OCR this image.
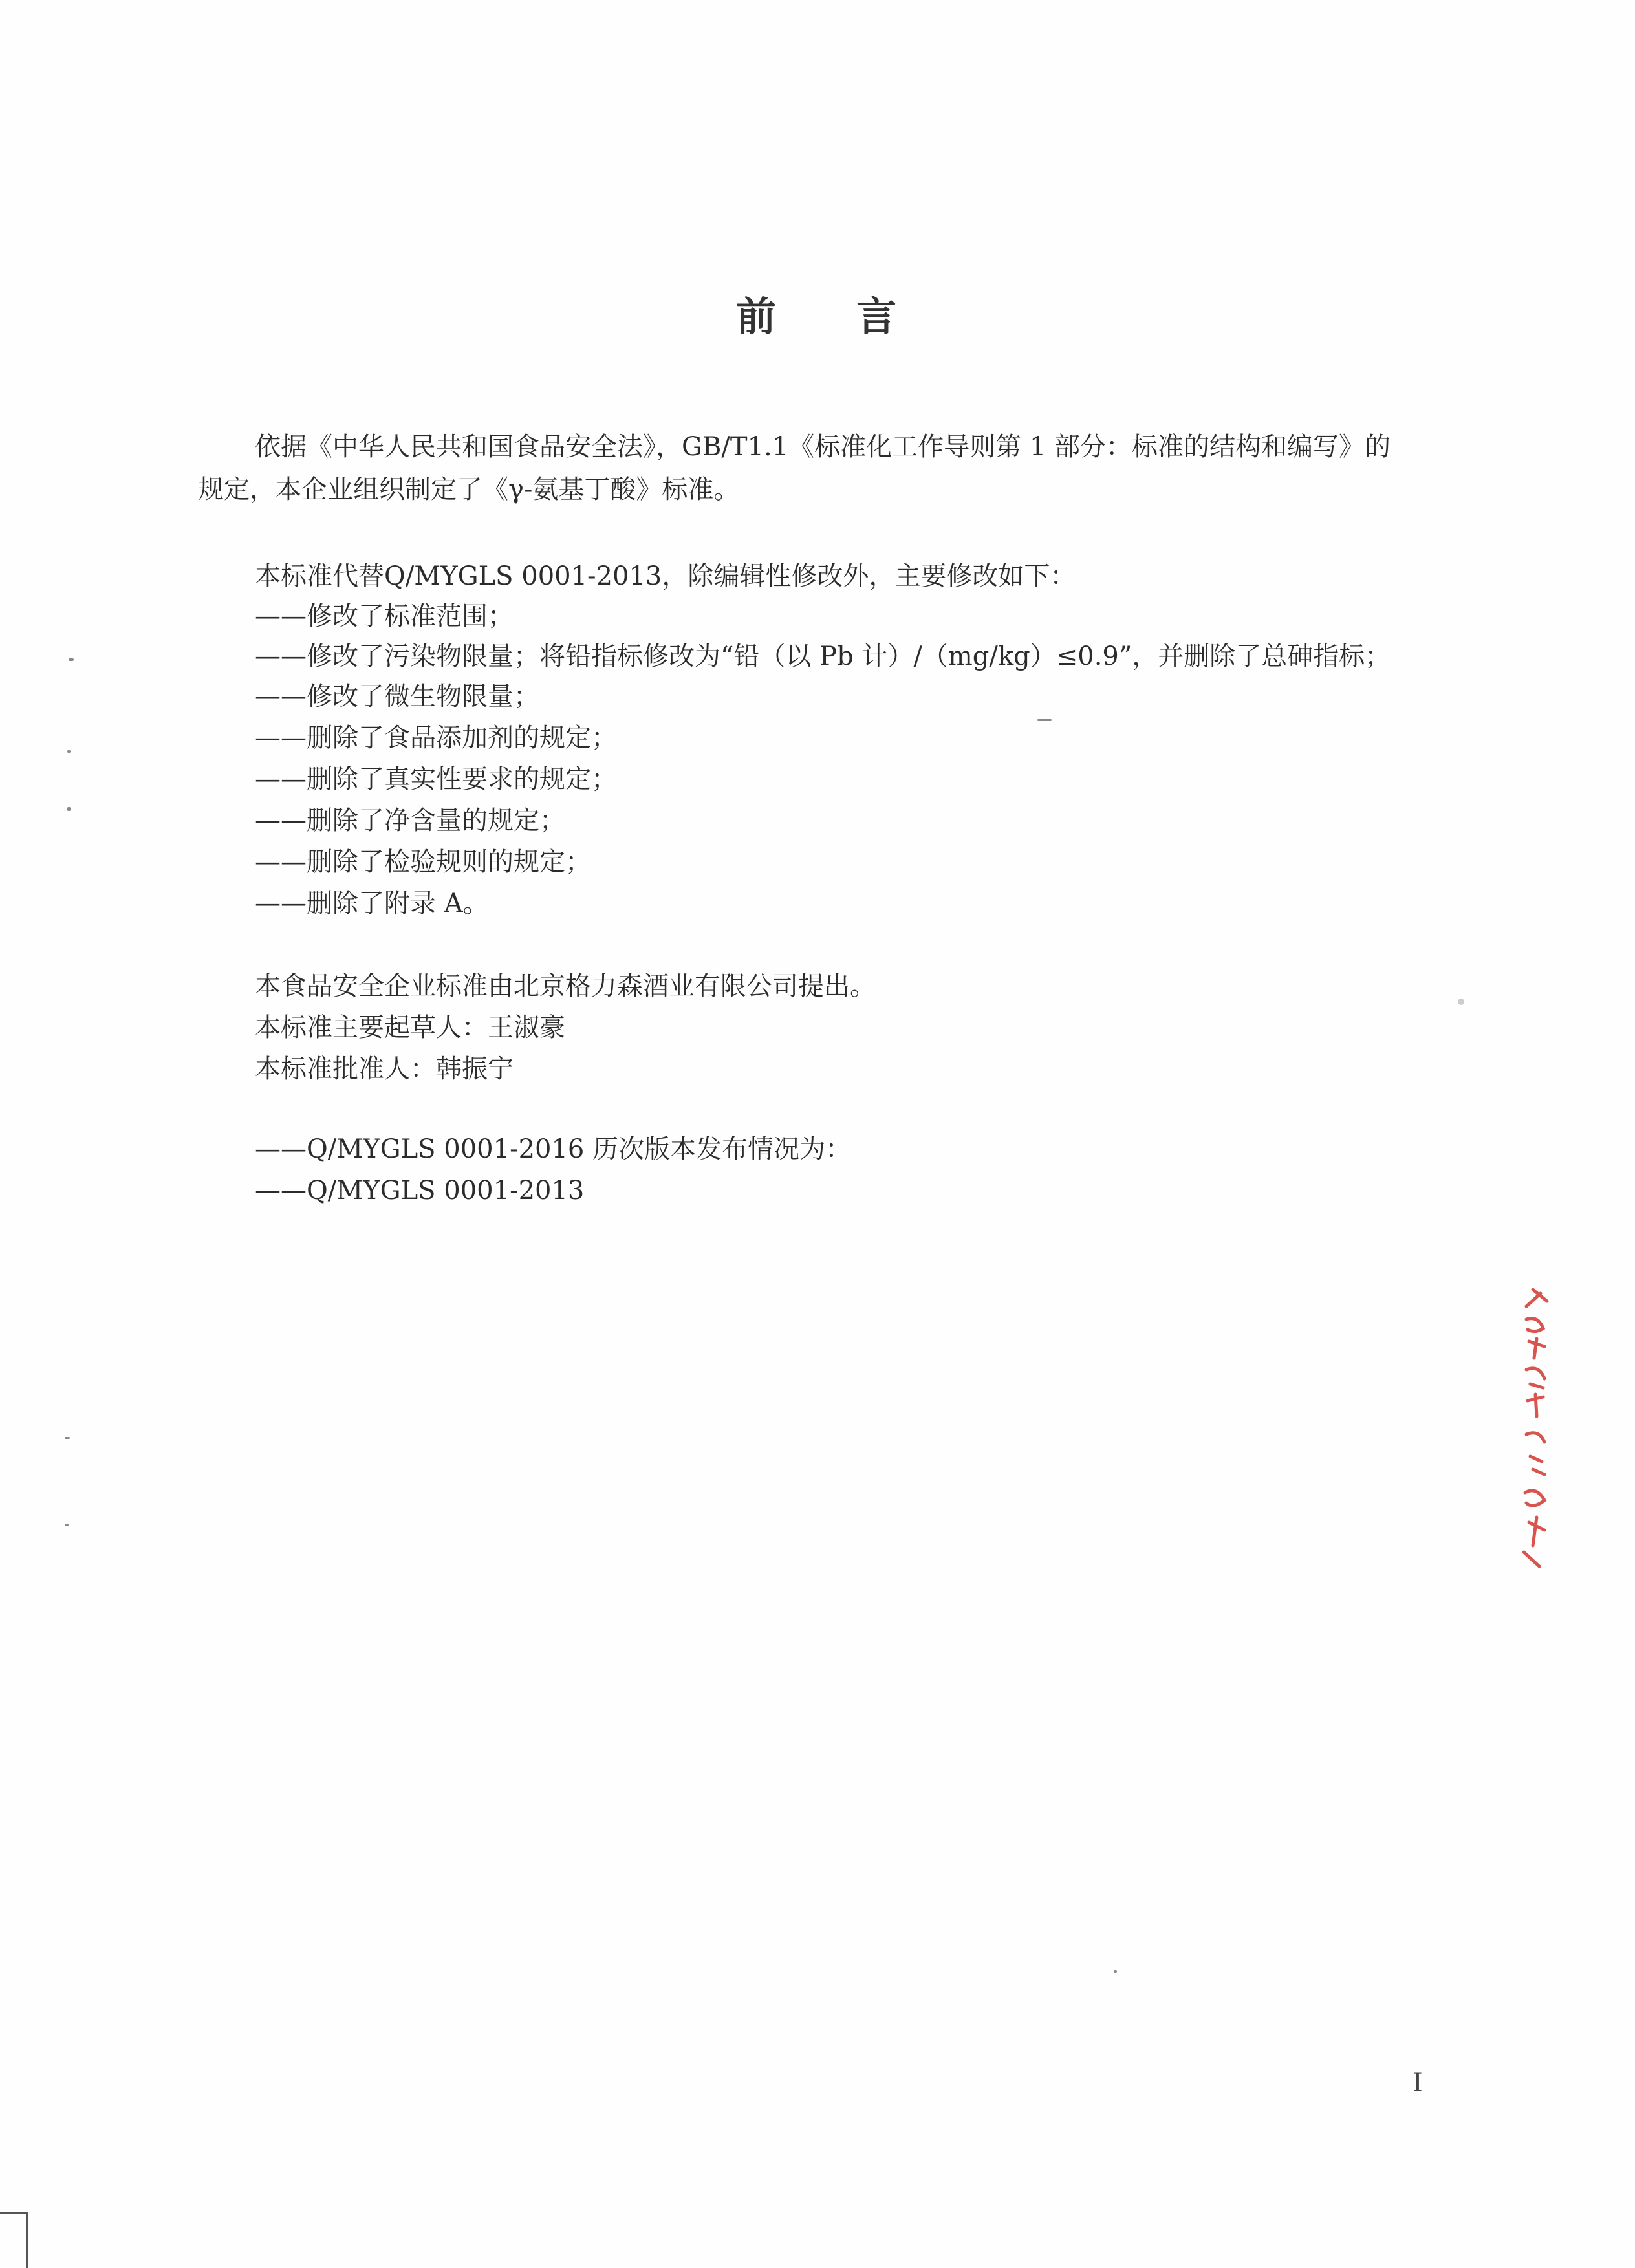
前 言
依据《中华人民共和国食品安全法》，GB/T1.1《标准化工作导则第 1 部分：标准的结构和编写》的
规定，本企业组织制定了《γ-氨基丁酸》标准。
本标准代替Q/MYGLS 0001-2013，除编辑性修改外，主要修改如下：
——修改了标准范围；
——修改了污染物限量；将铅指标修改为“铅（以 Pb 计）/（mg/kg）≤0.9”，并删除了总砷指标；
——修改了微生物限量；
——删除了食品添加剂的规定；
——删除了真实性要求的规定；
——删除了净含量的规定；
——删除了检验规则的规定；
——删除了附录 A。
本食品安全企业标准由北京格力森酒业有限公司提出。
本标准主要起草人：王淑豪
本标准批准人：韩振宁
——Q/MYGLS 0001-2016 历次版本发布情况为：
——Q/MYGLS 0001-2013
I
